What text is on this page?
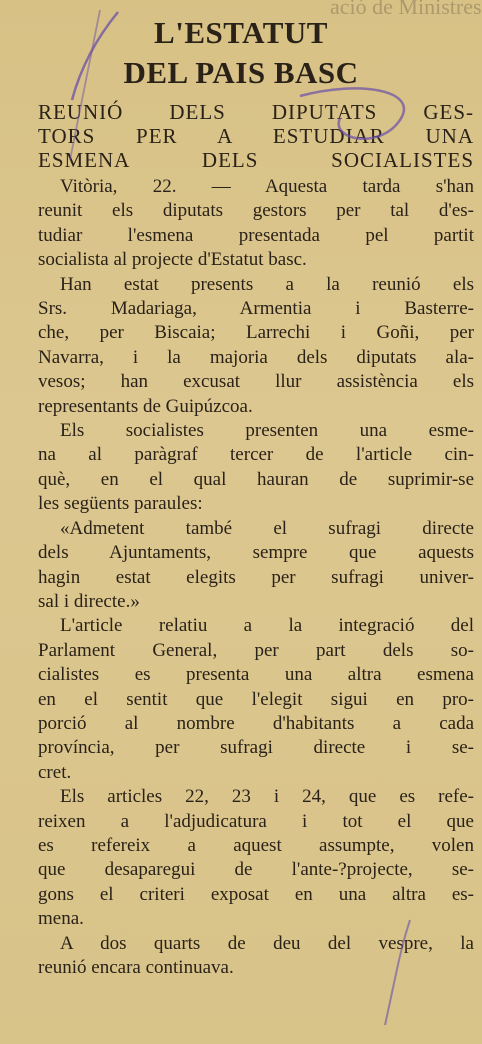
ació de Ministres
L'ESTATUT
DEL PAIS BASC
REUNIÓ DELS DIPUTATS GES-
TORS PER A ESTUDIAR UNA
ESMENA DELS SOCIALISTES

Vitòria, 22. — Aquesta tarda s'han
reunit els diputats gestors per tal d'es-
tudiar l'esmena presentada pel partit
socialista al projecte d'Estatut basc.

Han estat presents a la reunió els
Srs. Madariaga, Armentia i Basterre-
che, per Biscaia; Larrechi i Goñi, per
Navarra, i la majoria dels diputats ala-
vesos; han excusat llur assistència els
representants de Guipúzcoa.

Els socialistes presenten una esme-
na al paràgraf tercer de l'article cin-
què, en el qual hauran de suprimir-se
les següents paraules:

«Admetent també el sufragi directe
dels Ajuntaments, sempre que aquests
hagin estat elegits per sufragi univer-
sal i directe.»

L'article relatiu a la integració del
Parlament General, per part dels so-
cialistes es presenta una altra esmena
en el sentit que l'elegit sigui en pro-
porció al nombre d'habitants a cada
província, per sufragi directe i se-
cret.

Els articles 22, 23 i 24, que es refe-
reixen a l'adjudicatura i tot el que
es refereix a aquest assumpte, volen
que desaparegui de l'ante-?projecte, se-
gons el criteri exposat en una altra es-
mena.

A dos quarts de deu del vespre, la
reunió encara continuava.
